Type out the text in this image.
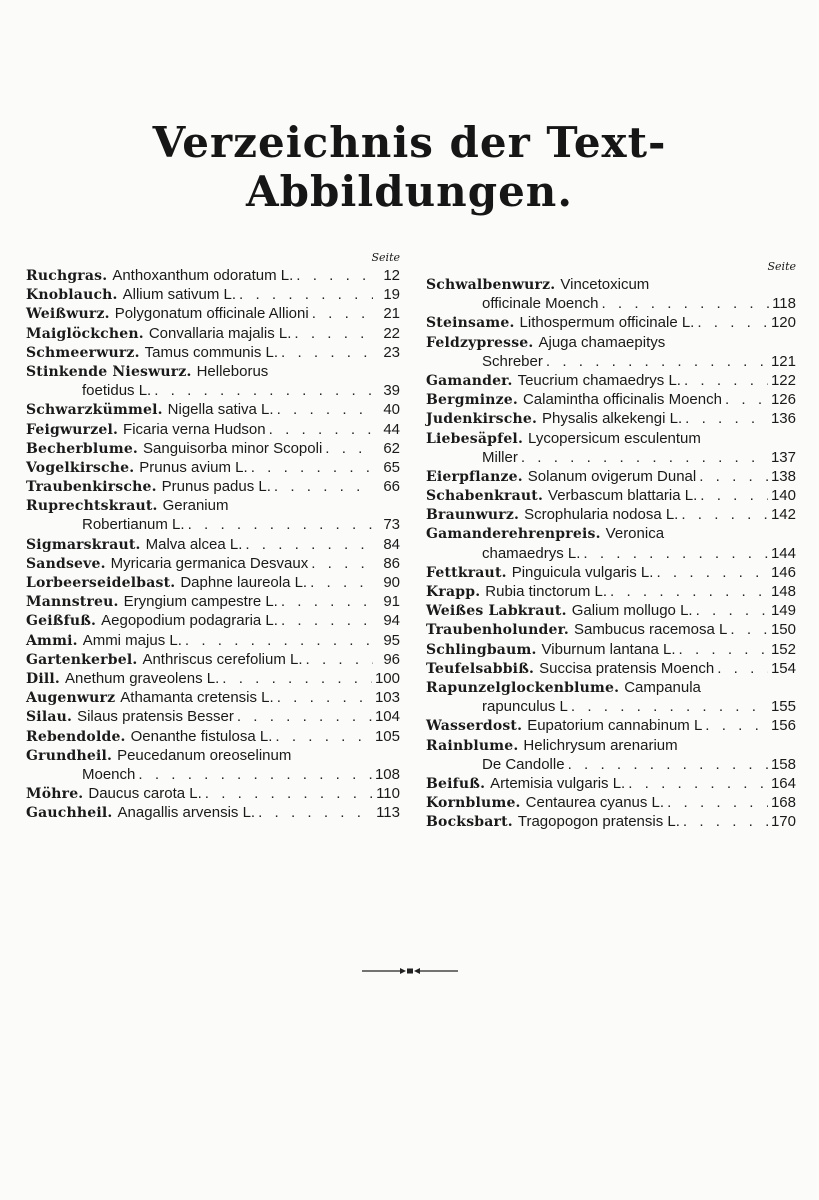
Verzeichnis der Text-Abbildungen.
Seite
Ruchgras. Anthoxanthum odoratum L. . . .	12
Knoblauch. Allium sativum L. . . .	19
Weißwurz. Polygonatum officinale Allioni . . .	21
Maiglöckchen. Convallaria majalis L. . . .	22
Schmeerwurz. Tamus communis L. . . .	23
Stinkende Nieswurz. Helleborus
foetidus L. . . .	39
Schwarzkümmel. Nigella sativa L. . . .	40
Feigwurzel. Ficaria verna Hudson . . .	44
Becherblume. Sanguisorba minor Scopoli . . .	62
Vogelkirsche. Prunus avium L. . . .	65
Traubenkirsche. Prunus padus L. . . .	66
Ruprechtskraut. Geranium
Robertianum L. . . .	73
Sigmarskraut. Malva alcea L. . . .	84
Sandseve. Myricaria germanica Desvaux . . .	86
Lorbeerseidelbast. Daphne laureola L. . . .	90
Mannstreu. Eryngium campestre L. . . .	91
Geißfuß. Aegopodium podagraria L. . . .	94
Ammi. Ammi majus L. . . .	95
Gartenkerbel. Anthriscus cerefolium L. . . .	96
Dill. Anethum graveolens L. . . .	100
Augenwurz Athamanta cretensis L. . . .	103
Silau. Silaus pratensis Besser . . .	104
Rebendolde. Oenanthe fistulosa L. . . .	105
Grundheil. Peucedanum oreoselinum
Moench . . .	108
Möhre. Daucus carota L. . . .	110
Gauchheil. Anagallis arvensis L. . . .	113
Seite
Schwalbenwurz. Vincetoxicum
officinale Moench . . .	118
Steinsame. Lithospermum officinale L. . . .	120
Feldzypresse. Ajuga chamaepitys
Schreber . . .	121
Gamander. Teucrium chamaedrys L. . . .	122
Bergminze. Calamintha officinalis Moench . . .	126
Judenkirsche. Physalis alkekengi L. . . .	136
Liebesäpfel. Lycopersicum esculentum
Miller . . .	137
Eierpflanze. Solanum ovigerum Dunal . . .	138
Schabenkraut. Verbascum blattaria L. . . .	140
Braunwurz. Scrophularia nodosa L. . . .	142
Gamanderehrenpreis. Veronica
chamaedrys L. . . .	144
Fettkraut. Pinguicula vulgaris L. . . .	146
Krapp. Rubia tinctorum L. . . .	148
Weißes Labkraut. Galium mollugo L. . . .	149
Traubenholunder. Sambucus racemosa L . . .	150
Schlingbaum. Viburnum lantana L. . . .	152
Teufelsabbiß. Succisa pratensis Moench . . .	154
Rapunzelglockenblume. Campanula
rapunculus L . . .	155
Wasserdost. Eupatorium cannabinum L . . .	156
Rainblume. Helichrysum arenarium
De Candolle . . .	158
Beifuß. Artemisia vulgaris L. . . .	164
Kornblume. Centaurea cyanus L. . . .	168
Bocksbart. Tragopogon pratensis L. . . .	170
